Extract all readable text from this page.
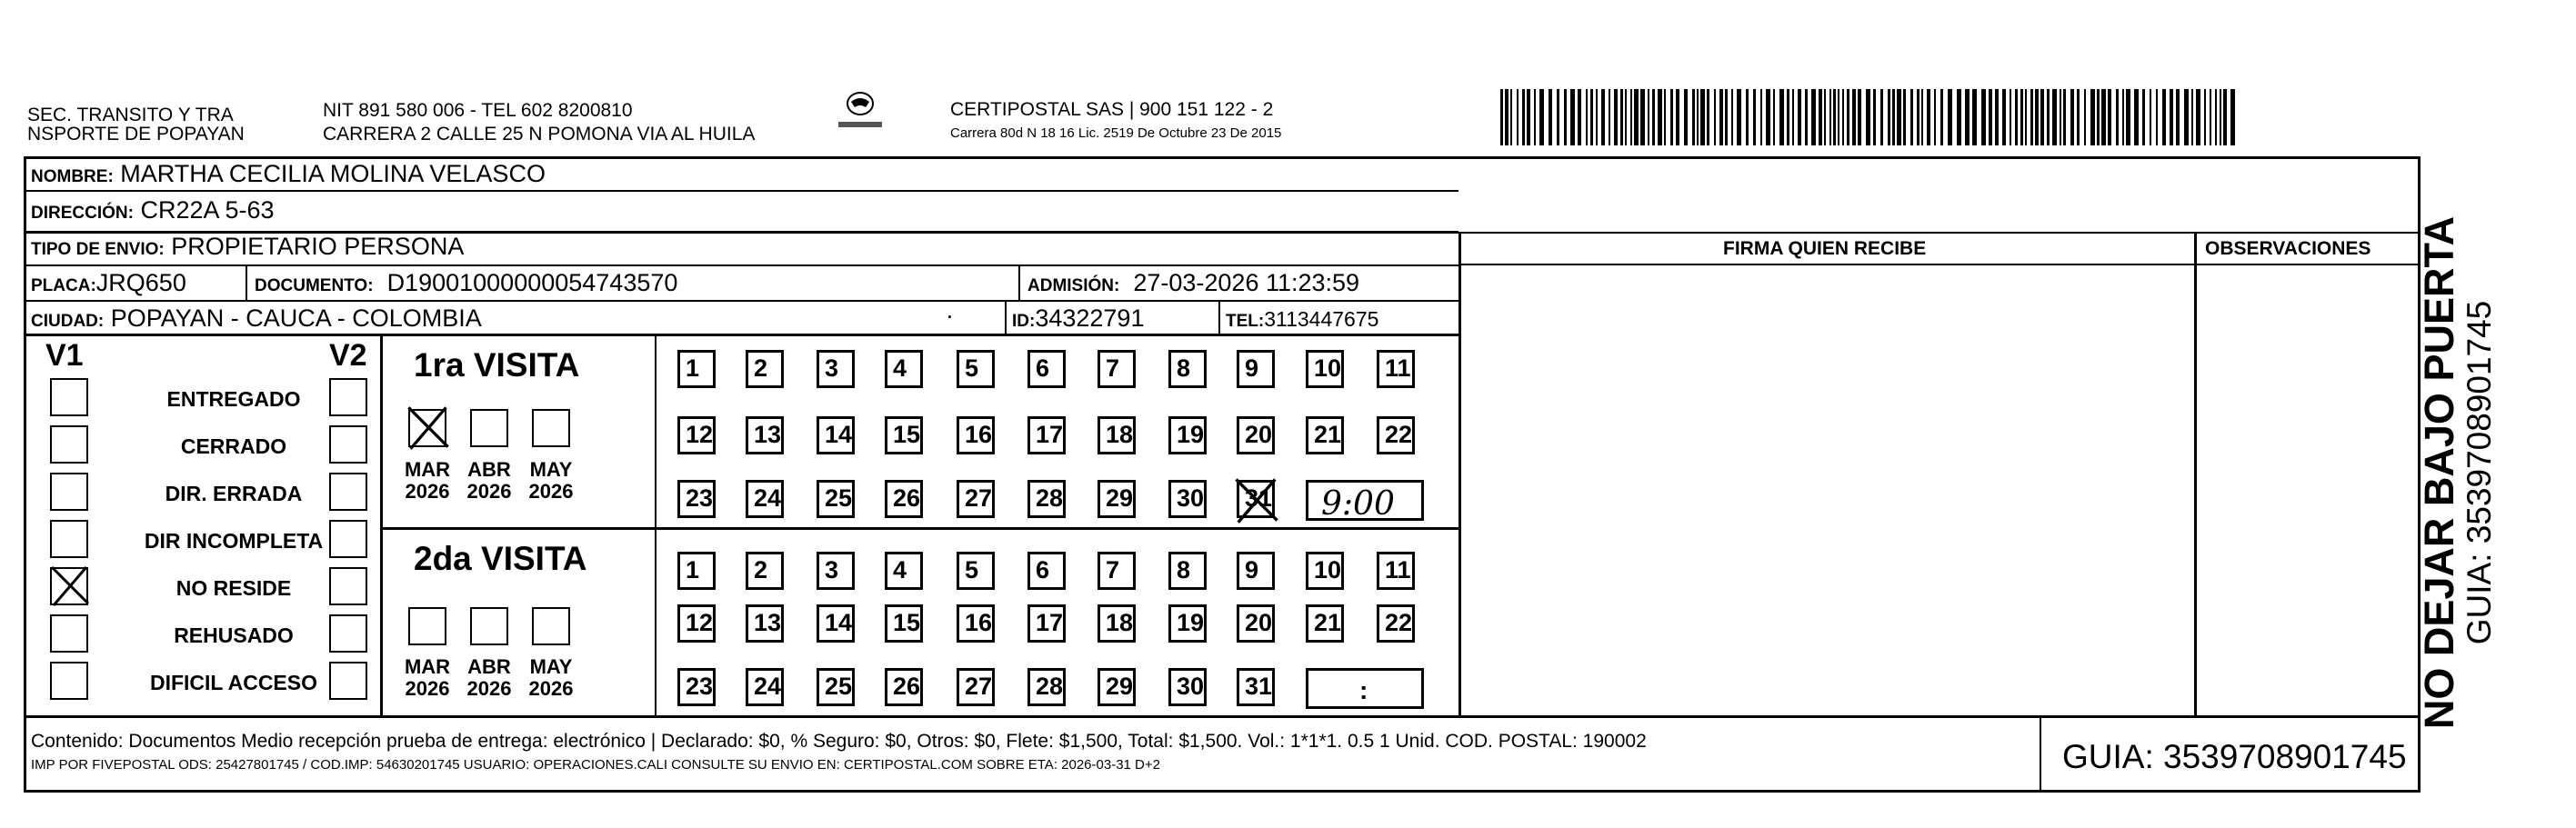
SEC. TRANSITO Y TRA
NSPORTE DE POPAYAN
NIT 891 580 006 - TEL 602 8200810
CARRERA 2 CALLE 25 N POMONA VIA AL HUILA
CERTIPOSTAL SAS | 900 151 122 - 2
Carrera 80d N 18 16 Lic. 2519 De Octubre 23 De 2015
NOMBRE: MARTHA CECILIA MOLINA VELASCO
DIRECCIÓN: CR22A 5-63
TIPO DE ENVIO: PROPIETARIO PERSONA
PLACA:JRQ650	DOCUMENTO: D19001000000054743570	ADMISIÓN: 27-03-2026 11:23:59
CIUDAD: POPAYAN - CAUCA - COLOMBIA	·	ID:34322791	TEL:3113447675
FIRMA QUIEN RECIBE	OBSERVACIONES
V1	V2
ENTREGADO
CERRADO
DIR. ERRADA
DIR INCOMPLETA
NO RESIDE
REHUSADO
DIFICIL ACCESO
1ra VISITA
2da VISITA
MAR
2026
ABR
2026
MAY
2026
MAR
2026
ABR
2026
MAY
2026
1	2	3	4	5	6	7	8	9	10	11
12	13	14	15	16	17	18	19	20	21	22
23	24	25	26	27	28	29	30	31 9:00
1	2	3	4	5	6	7	8	9	10	11
12	13	14	15	16	17	18	19	20	21	22
23	24	25	26	27	28	29	30	31	:
Contenido: Documentos Medio recepción prueba de entrega: electrónico | Declarado: $0, % Seguro: $0, Otros: $0, Flete: $1,500, Total: $1,500. Vol.: 1*1*1. 0.5 1 Unid. COD. POSTAL: 190002
IMP POR FIVEPOSTAL ODS: 25427801745 / COD.IMP: 54630201745 USUARIO: OPERACIONES.CALI CONSULTE SU ENVIO EN: CERTIPOSTAL.COM SOBRE ETA: 2026-03-31 D+2	GUIA: 3539708901745
NO DEJAR BAJO PUERTA
GUIA: 3539708901745
